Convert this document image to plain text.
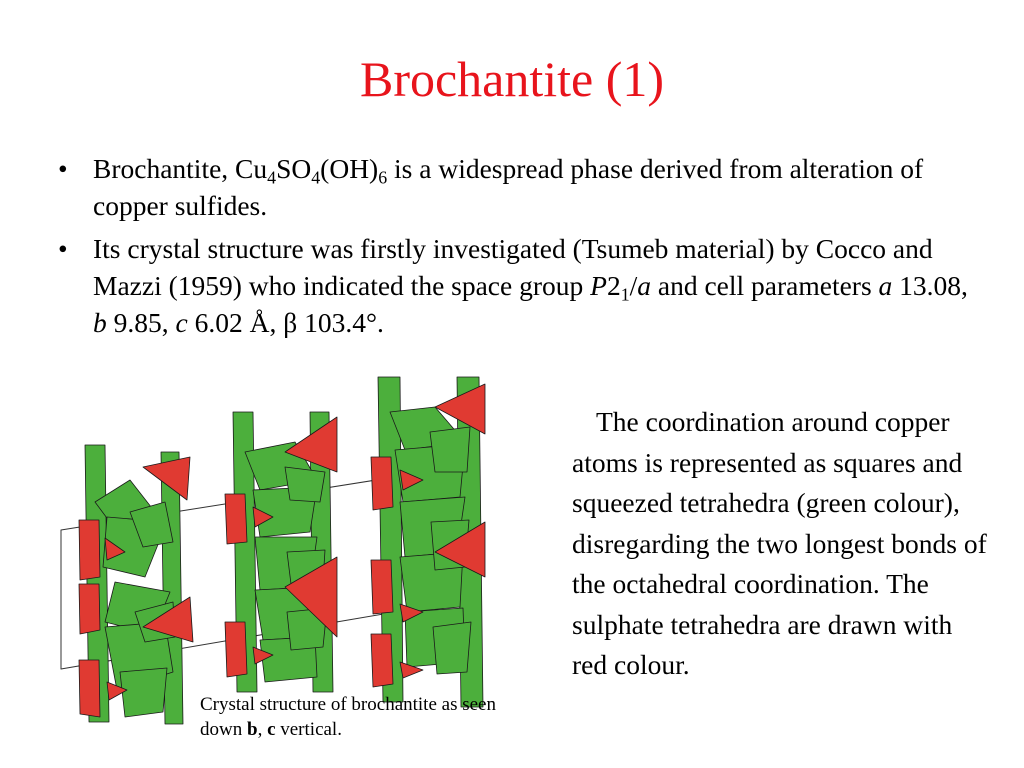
Brochantite (1)
• Brochantite, $Cu_4SO_4(OH)_6$ is a widespread phase derived from alteration of copper sulfides.
• Its crystal structure was firstly investigated (Tsumeb material) by Cocco and Mazzi (1959) who indicated the space group $P2_1/a$ and cell parameters a 13.08, b 9.85, c 6.02 Å, β 103.4°.
Crystal structure of brochantite as seen down b, c vertical.
The coordination around copper atoms is represented as squares and squeezed tetrahedra (green colour), disregarding the two longest bonds of the octahedral coordination. The sulphate tetrahedra are drawn with red colour.
